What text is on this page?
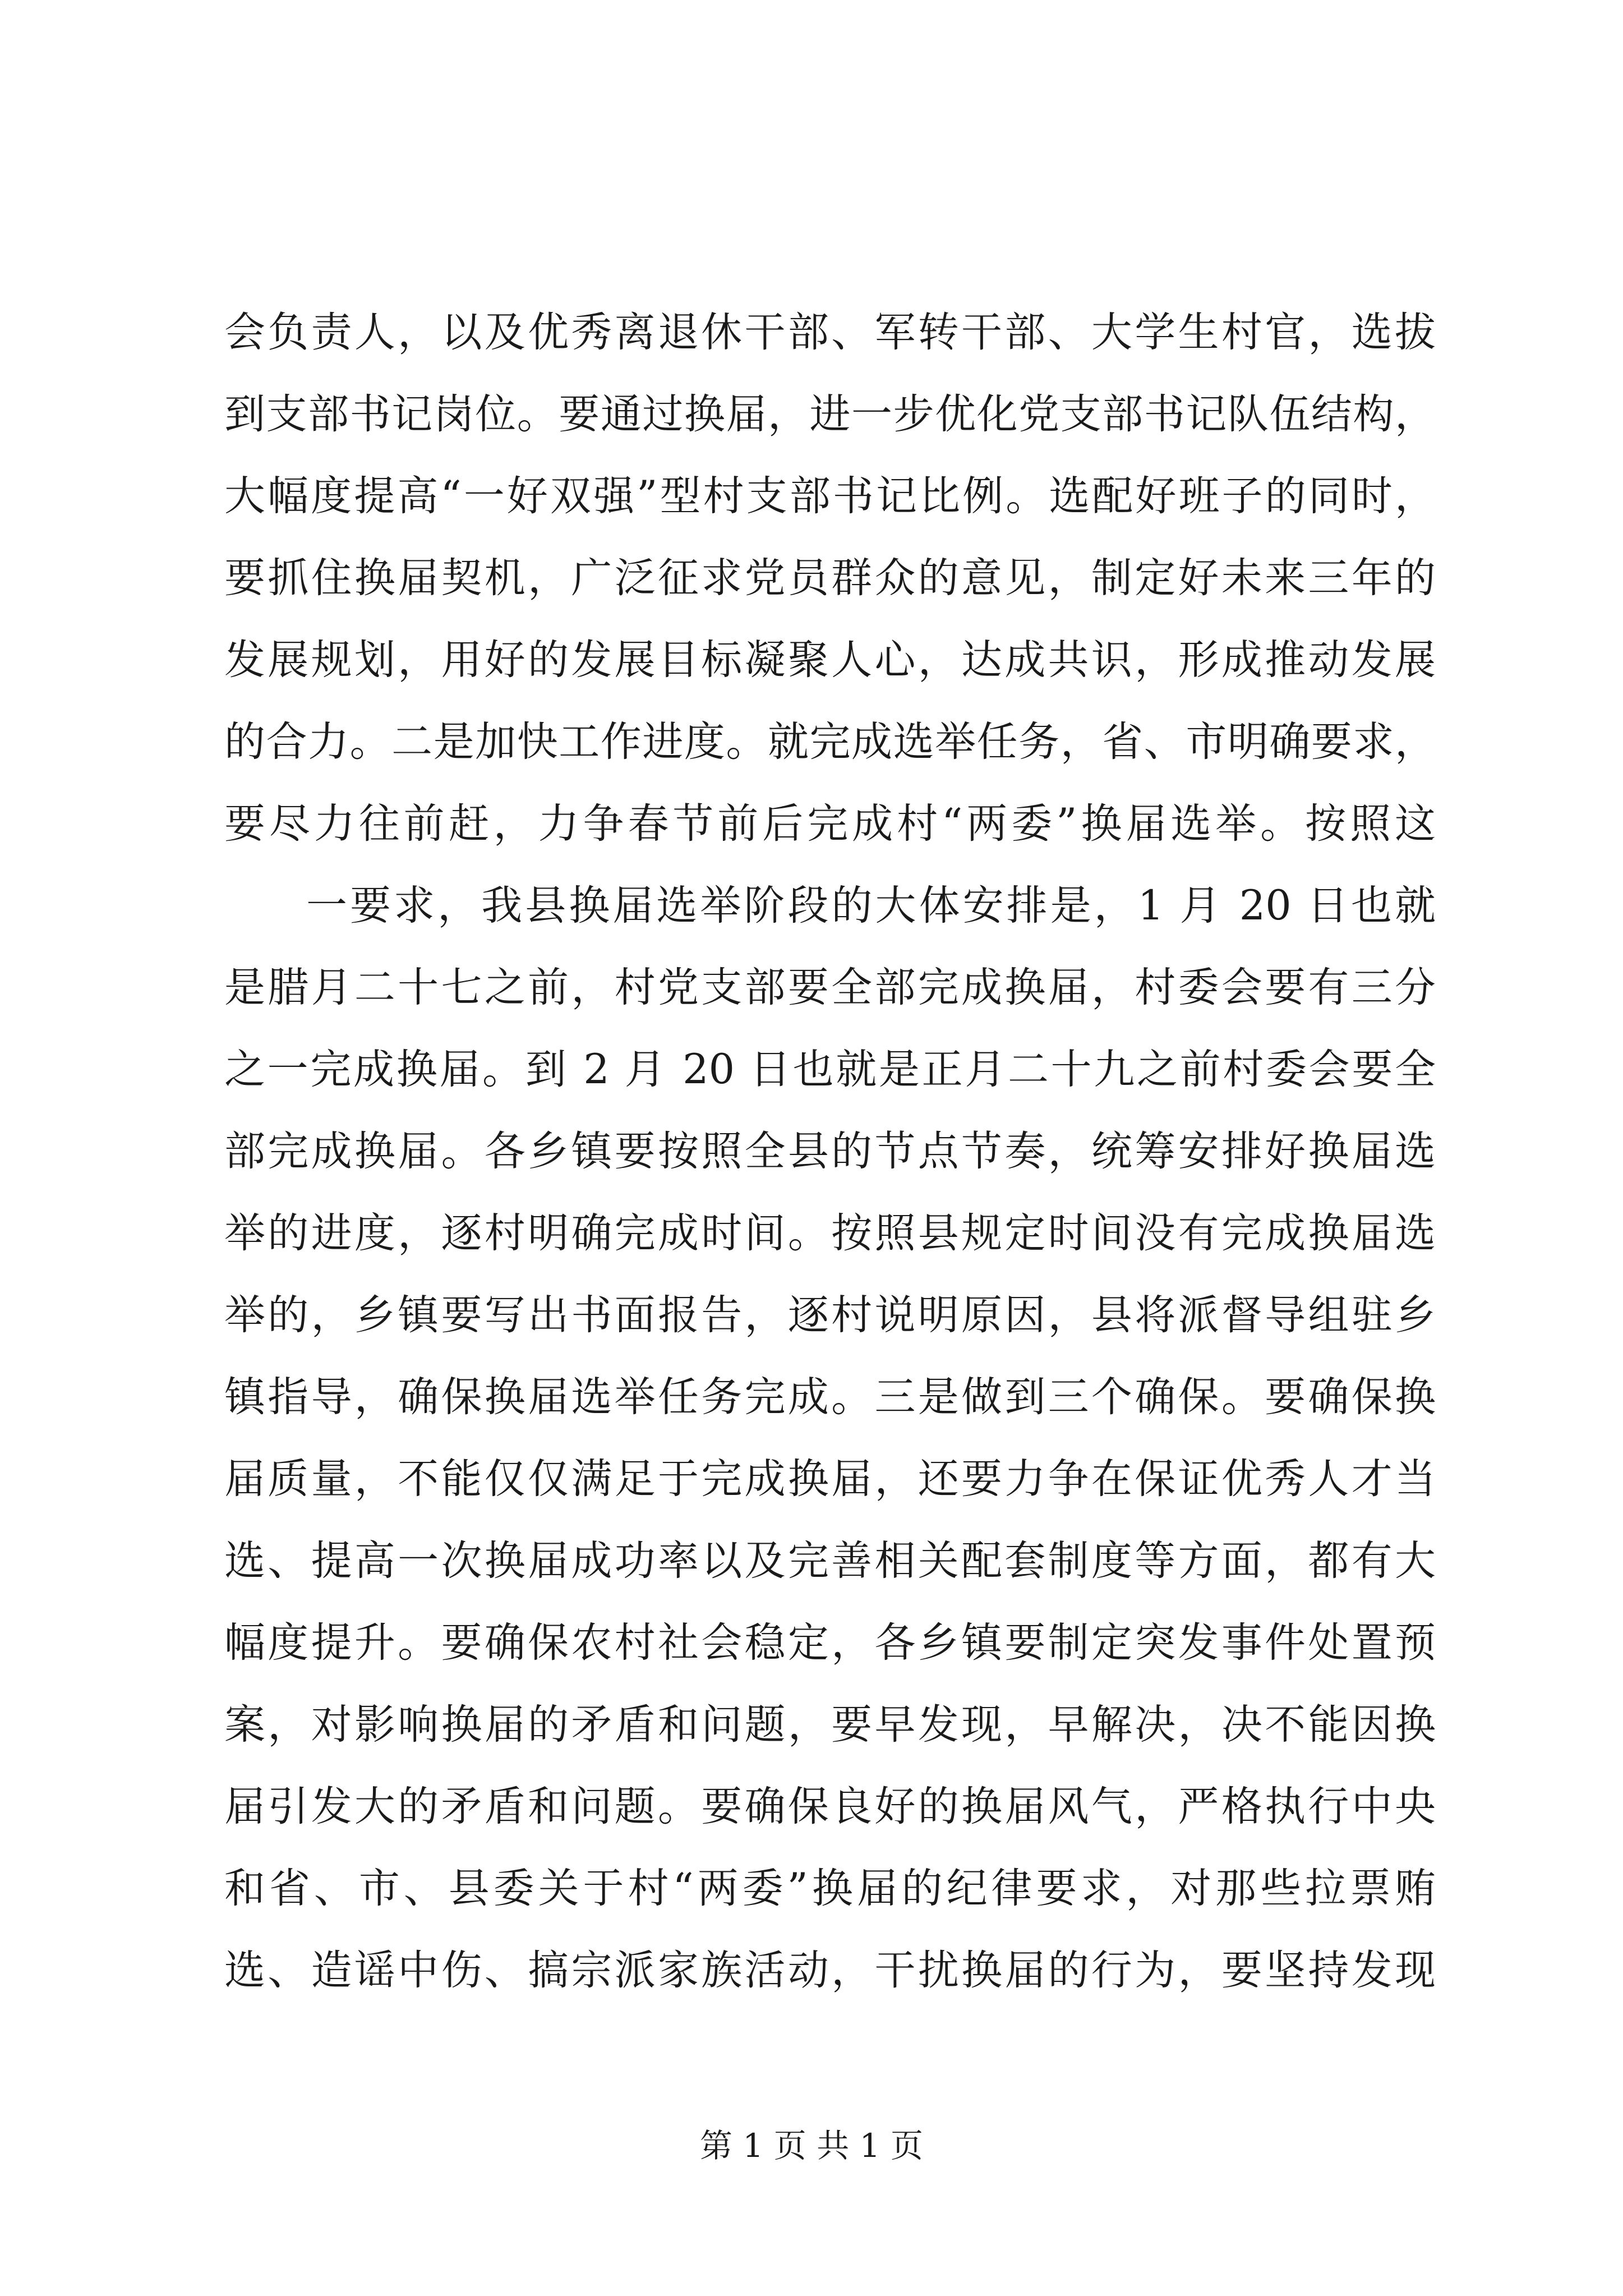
会负责人，以及优秀离退休干部、军转干部、大学生村官，选拔
到支部书记岗位。要通过换届，进一步优化党支部书记队伍结构，
大幅度提高“一好双强”型村支部书记比例。选配好班子的同时，
要抓住换届契机，广泛征求党员群众的意见，制定好未来三年的
发展规划，用好的发展目标凝聚人心，达成共识，形成推动发展
的合力。二是加快工作进度。就完成选举任务，省、市明确要求，
要尽力往前赶，力争春节前后完成村“两委”换届选举。按照这
一要求，我县换届选举阶段的大体安排是，1 月 20 日也就
是腊月二十七之前，村党支部要全部完成换届，村委会要有三分
之一完成换届。到 2 月 20 日也就是正月二十九之前村委会要全
部完成换届。各乡镇要按照全县的节点节奏，统筹安排好换届选
举的进度，逐村明确完成时间。按照县规定时间没有完成换届选
举的，乡镇要写出书面报告，逐村说明原因，县将派督导组驻乡
镇指导，确保换届选举任务完成。三是做到三个确保。要确保换
届质量，不能仅仅满足于完成换届，还要力争在保证优秀人才当
选、提高一次换届成功率以及完善相关配套制度等方面，都有大
幅度提升。要确保农村社会稳定，各乡镇要制定突发事件处置预
案，对影响换届的矛盾和问题，要早发现，早解决，决不能因换
届引发大的矛盾和问题。要确保良好的换届风气，严格执行中央
和省、市、县委关于村“两委”换届的纪律要求，对那些拉票贿
选、造谣中伤、搞宗派家族活动，干扰换届的行为，要坚持发现
第 1 页 共 1 页
